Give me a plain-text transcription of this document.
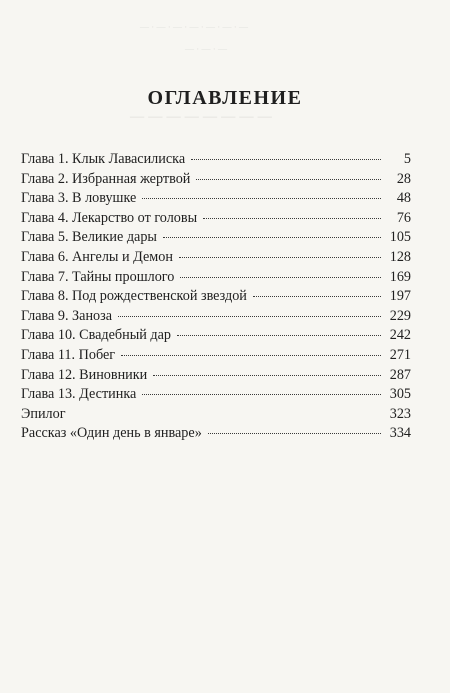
— · — · — · — · — · — · —
— · — · —
— — — — — — — —
ОГЛАВЛЕНИЕ
Глава 1. Клык Лавасилиска	5
Глава 2. Избранная жертвой	28
Глава 3. В ловушке	48
Глава 4. Лекарство от головы	76
Глава 5. Великие дары	105
Глава 6. Ангелы и Демон	128
Глава 7. Тайны прошлого	169
Глава 8. Под рождественской звездой	197
Глава 9. Заноза	229
Глава 10. Свадебный дар	242
Глава 11. Побег	271
Глава 12. Виновники	287
Глава 13. Дестинка	305
Эпилог	323
Рассказ «Один день в январе»	334
